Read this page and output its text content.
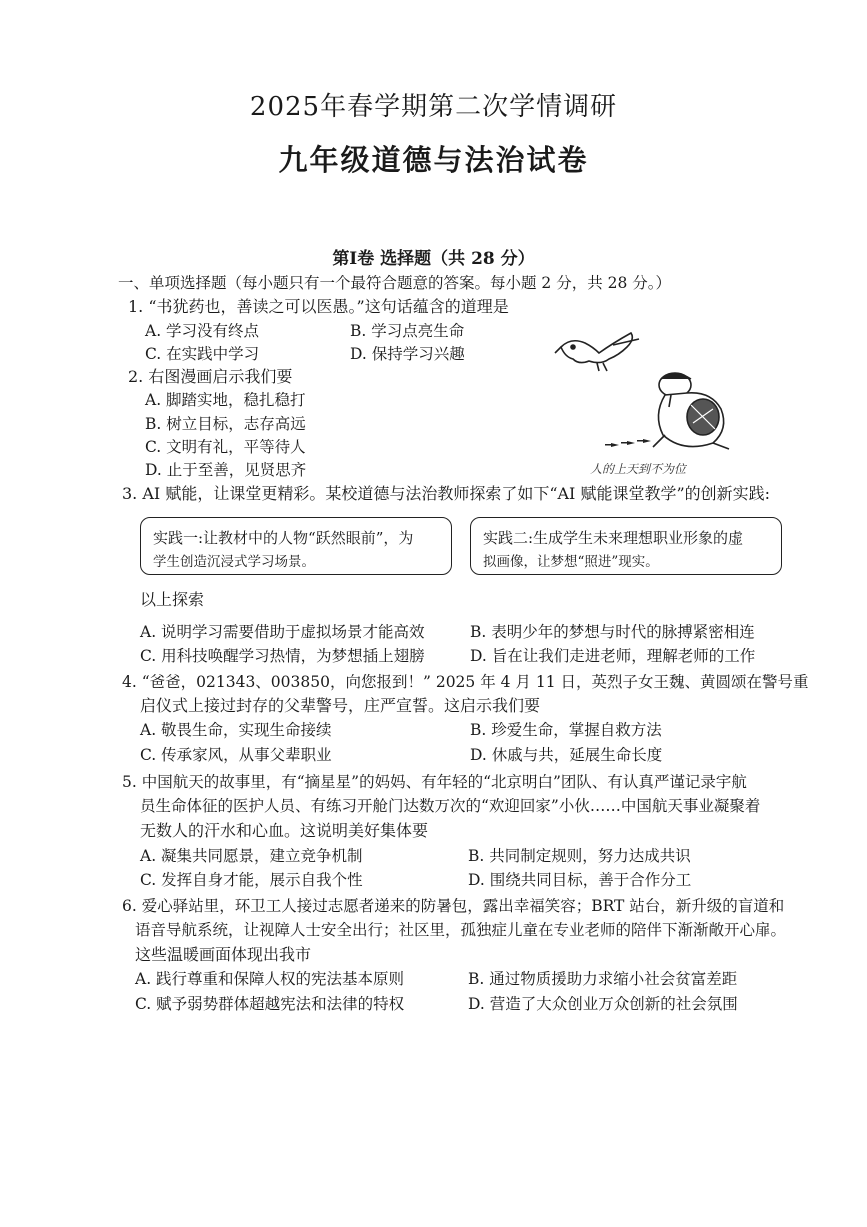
2025年春学期第二次学情调研
九年级道德与法治试卷
第Ⅰ卷 选择题（共 28 分）
一、单项选择题（每小题只有一个最符合题意的答案。每小题 2 分，共 28 分。）
1. “书犹药也，善读之可以医愚。”这句话蕴含的道理是
A. 学习没有终点	B. 学习点亮生命
C. 在实践中学习	D. 保持学习兴趣
2. 右图漫画启示我们要
A. 脚踏实地，稳扎稳打
B. 树立目标，志存高远
C. 文明有礼，平等待人
D. 止于至善，见贤思齐	人的上天到不为位
3. AI 赋能，让课堂更精彩。某校道德与法治教师探索了如下“AI 赋能课堂教学”的创新实践:
实践一:让教材中的人物“跃然眼前”，为
学生创造沉浸式学习场景。
实践二:生成学生未来理想职业形象的虚
拟画像，让梦想“照进”现实。
以上探索
A. 说明学习需要借助于虚拟场景才能高效	B. 表明少年的梦想与时代的脉搏紧密相连
C. 用科技唤醒学习热情，为梦想插上翅膀	D. 旨在让我们走进老师，理解老师的工作
4. “爸爸，021343、003850，向您报到！” 2025 年 4 月 11 日，英烈子女王魏、黄圆颂在警号重
启仪式上接过封存的父辈警号，庄严宣誓。这启示我们要
A. 敬畏生命，实现生命接续	B. 珍爱生命，掌握自救方法
C. 传承家风，从事父辈职业	D. 休戚与共，延展生命长度
5. 中国航天的故事里，有“摘星星”的妈妈、有年轻的“北京明白”团队、有认真严谨记录宇航
员生命体征的医护人员、有练习开舱门达数万次的“欢迎回家”小伙……中国航天事业凝聚着
无数人的汗水和心血。这说明美好集体要
A. 凝集共同愿景，建立竞争机制	B. 共同制定规则，努力达成共识
C. 发挥自身才能，展示自我个性	D. 围绕共同目标，善于合作分工
6. 爱心驿站里，环卫工人接过志愿者递来的防暑包，露出幸福笑容；BRT 站台，新升级的盲道和
语音导航系统，让视障人士安全出行；社区里，孤独症儿童在专业老师的陪伴下渐渐敞开心扉。
这些温暖画面体现出我市
A. 践行尊重和保障人权的宪法基本原则	B. 通过物质援助力求缩小社会贫富差距
C. 赋予弱势群体超越宪法和法律的特权	D. 营造了大众创业万众创新的社会氛围
